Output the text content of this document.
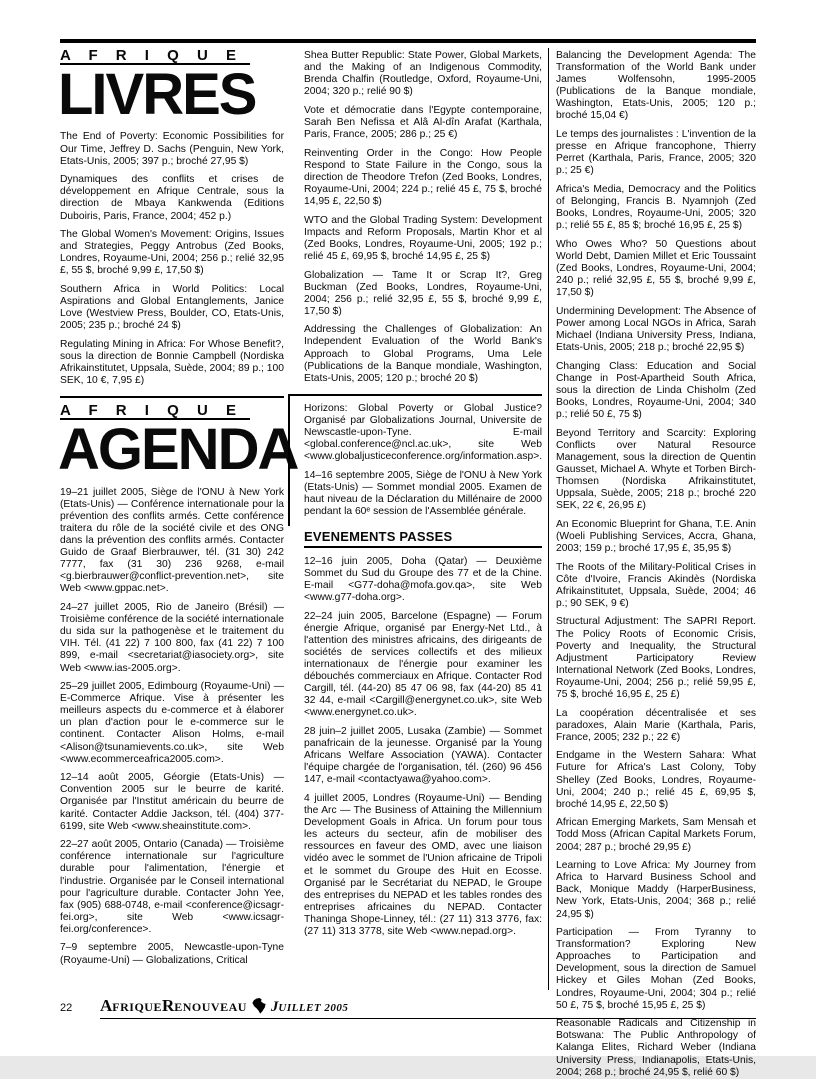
A F R I Q U E
LIVRES

The End of Poverty: Economic Possibilities for Our Time, Jeffrey D. Sachs (Penguin, New York, Etats-Unis, 2005; 397 p.; broché 27,95 $)

Dynamiques des conflits et crises de développement en Afrique Centrale, sous la direction de Mbaya Kankwenda (Editions Duboiris, Paris, France, 2004; 452 p.)

The Global Women's Movement: Origins, Issues and Strategies, Peggy Antrobus (Zed Books, Londres, Royaume-Uni, 2004; 256 p.; relié 32,95 £, 55 $, broché 9,99 £, 17,50 $)

Southern Africa in World Politics: Local Aspirations and Global Entanglements, Janice Love (Westview Press, Boulder, CO, Etats-Unis, 2005; 235 p.; broché 24 $)

Regulating Mining in Africa: For Whose Benefit?, sous la direction de Bonnie Campbell (Nordiska Afrikainstitutet, Uppsala, Suède, 2004; 89 p.; 100 SEK, 10 €, 7,95 £)

A F R I Q U E
AGENDA

19–21 juillet 2005, Siège de l'ONU à New York (Etats-Unis) — Conférence internationale pour la prévention des conflits armés. Cette conférence traitera du rôle de la société civile et des ONG dans la prévention des conflits armés. Contacter Guido de Graaf Bierbrauwer, tél. (31 30) 242 7777, fax (31 30) 236 9268, e-mail <g.bierbrauwer@conflict-prevention.net>, site Web <www.gppac.net>.

24–27 juillet 2005, Rio de Janeiro (Brésil) — Troisième conférence de la société internationale du sida sur la pathogenèse et le traitement du VIH. Tél. (41 22) 7 100 800, fax (41 22) 7 100 899, e-mail <secretariat@iasociety.org>, site Web <www.ias-2005.org>.

25–29 juillet 2005, Edimbourg (Royaume-Uni) — E-Commerce Afrique. Vise à présenter les meilleurs aspects du e-commerce et à élaborer un plan d'action pour le e-commerce sur le continent. Contacter Alison Holms, e-mail <Alison@tsunamievents.co.uk>, site Web <www.ecommerceafrica2005.com>.

12–14 août 2005, Géorgie (Etats-Unis) — Convention 2005 sur le beurre de karité. Organisée par l'Institut américain du beurre de karité. Contacter Addie Jackson, tél. (404) 377-6199, site Web <www.sheainstitute.com>.

22–27 août 2005, Ontario (Canada) — Troisième conférence internationale sur l'agriculture durable pour l'alimentation, l'énergie et l'industrie. Organisée par le Conseil international pour l'agriculture durable. Contacter John Yee, fax (905) 688-0748, e-mail <conference@icsagr-fei.org>, site Web <www.icsagr-fei.org/conference>.

7–9 septembre 2005, Newcastle-upon-Tyne (Royaume-Uni) — Globalizations, Critical

Shea Butter Republic: State Power, Global Markets, and the Making of an Indigenous Commodity, Brenda Chalfin (Routledge, Oxford, Royaume-Uni, 2004; 320 p.; relié 90 $)

Vote et démocratie dans l'Egypte contemporaine, Sarah Ben Nefissa et Alâ Al-dîn Arafat (Karthala, Paris, France, 2005; 286 p.; 25 €)

Reinventing Order in the Congo: How People Respond to State Failure in the Congo, sous la direction de Theodore Trefon (Zed Books, Londres, Royaume-Uni, 2004; 224 p.; relié 45 £, 75 $, broché 14,95 £, 22,50 $)

WTO and the Global Trading System: Development Impacts and Reform Proposals, Martin Khor et al (Zed Books, Londres, Royaume-Uni, 2005; 192 p.; relié 45 £, 69,95 $, broché 14,95 £, 25 $)

Globalization — Tame It or Scrap It?, Greg Buckman (Zed Books, Londres, Royaume-Uni, 2004; 256 p.; relié 32,95 £, 55 $, broché 9,99 £, 17,50 $)

Addressing the Challenges of Globalization: An Independent Evaluation of the World Bank's Approach to Global Programs, Uma Lele (Publications de la Banque mondiale, Washington, Etats-Unis, 2005; 120 p.; broché 20 $)

Horizons: Global Poverty or Global Justice? Organisé par Globalizations Journal, Universite de Newscastle-upon-Tyne. E-mail <global.conference@ncl.ac.uk>, site Web <www.globaljusticeconference.org/information.asp>.

14–16 septembre 2005, Siège de l'ONU à New York (Etats-Unis) — Sommet mondial 2005. Examen de haut niveau de la Déclaration du Millénaire de 2000 pendant la 60ᵉ session de l'Assemblée générale.

EVENEMENTS PASSES

12–16 juin 2005, Doha (Qatar) — Deuxième Sommet du Sud du Groupe des 77 et de la Chine. E-mail <G77-doha@mofa.gov.qa>, site Web <www.g77-doha.org>.

22–24 juin 2005, Barcelone (Espagne) — Forum énergie Afrique, organisé par Energy-Net Ltd., à l'attention des ministres africains, des dirigeants de sociétés de services collectifs et des milieux internationaux de l'énergie pour examiner les débouchés commerciaux en Afrique. Contacter Rod Cargill, tél. (44-20) 85 47 06 98, fax (44-20) 85 41 32 44, e-mail <Cargill@energynet.co.uk>, site Web <www.energynet.co.uk>.

28 juin–2 juillet 2005, Lusaka (Zambie) — Sommet panafricain de la jeunesse. Organisé par la Young Africans Welfare Association (YAWA). Contacter l'équipe chargée de l'organisation, tél. (260) 96 456 147, e-mail <contactyawa@yahoo.com>.

4 juillet 2005, Londres (Royaume-Uni) — Bending the Arc — The Business of Attaining the Millennium Development Goals in Africa. Un forum pour tous les acteurs du secteur, afin de mobiliser des ressources en faveur des OMD, avec une liaison vidéo avec le sommet de l'Union africaine de Tripoli et le sommet du Groupe des Huit en Ecosse. Organisé par le Secrétariat du NEPAD, le Groupe des entreprises du NEPAD et les tables rondes des entreprises africaines du NEPAD. Contacter Thaninga Shope-Linney, tél.: (27 11) 313 3776, fax: (27 11) 313 3778, site Web <www.nepad.org>.

Balancing the Development Agenda: The Transformation of the World Bank under James Wolfensohn, 1995-2005 (Publications de la Banque mondiale, Washington, Etats-Unis, 2005; 120 p.; broché 15,04 €)

Le temps des journalistes : L'invention de la presse en Afrique francophone, Thierry Perret (Karthala, Paris, France, 2005; 320 p.; 25 €)

Africa's Media, Democracy and the Politics of Belonging, Francis B. Nyamnjoh (Zed Books, Londres, Royaume-Uni, 2005; 320 p.; relié 55 £, 85 $; broché 16,95 £, 25 $)

Who Owes Who? 50 Questions about World Debt, Damien Millet et Eric Toussaint (Zed Books, Londres, Royaume-Uni, 2004; 240 p.; relié 32,95 £, 55 $, broché 9,99 £, 17,50 $)

Undermining Development: The Absence of Power among Local NGOs in Africa, Sarah Michael (Indiana University Press, Indiana, Etats-Unis, 2005; 218 p.; broché 22,95 $)

Changing Class: Education and Social Change in Post-Apartheid South Africa, sous la direction de Linda Chisholm (Zed Books, Londres, Royaume-Uni, 2004; 340 p.; relié 50 £, 75 $)

Beyond Territory and Scarcity: Exploring Conflicts over Natural Resource Management, sous la direction de Quentin Gausset, Michael A. Whyte et Torben Birch-Thomsen (Nordiska Afrikainstitutet, Uppsala, Suède, 2005; 218 p.; broché 220 SEK, 22 €, 26,95 £)

An Economic Blueprint for Ghana, T.E. Anin (Woeli Publishing Services, Accra, Ghana, 2003; 159 p.; broché 17,95 £, 35,95 $)

The Roots of the Military-Political Crises in Côte d'Ivoire, Francis Akindès (Nordiska Afrikainstitutet, Uppsala, Suède, 2004; 46 p.; 90 SEK, 9 €)

Structural Adjustment: The SAPRI Report. The Policy Roots of Economic Crisis, Poverty and Inequality, the Structural Adjustment Participatory Review International Network (Zed Books, Londres, Royaume-Uni, 2004; 256 p.; relié 59,95 £, 75 $, broché 16,95 £, 25 £)

La coopération décentralisée et ses paradoxes, Alain Marie (Karthala, Paris, France, 2005; 232 p.; 22 €)

Endgame in the Western Sahara: What Future for Africa's Last Colony, Toby Shelley (Zed Books, Londres, Royaume-Uni, 2004; 240 p.; relié 45 £, 69,95 $, broché 14,95 £, 22,50 $)

African Emerging Markets, Sam Mensah et Todd Moss (African Capital Markets Forum, 2004; 287 p.; broché 29,95 £)

Learning to Love Africa: My Journey from Africa to Harvard Business School and Back, Monique Maddy (HarperBusiness, New York, Etats-Unis, 2004; 368 p.; relié 24,95 $)

Participation — From Tyranny to Transformation? Exploring New Approaches to Participation and Development, sous la direction de Samuel Hickey et Giles Mohan (Zed Books, Londres, Royaume-Uni, 2004; 304 p.; relié 50 £, 75 $, broché 15,95 £, 25 $)

Reasonable Radicals and Citizenship in Botswana: The Public Anthropology of Kalanga Elites, Richard Weber (Indiana University Press, Indianapolis, Etats-Unis, 2004; 268 p.; broché 24,95 $, relié 60 $)

22	AFRIQUERENOUVEAU JUILLET 2005
